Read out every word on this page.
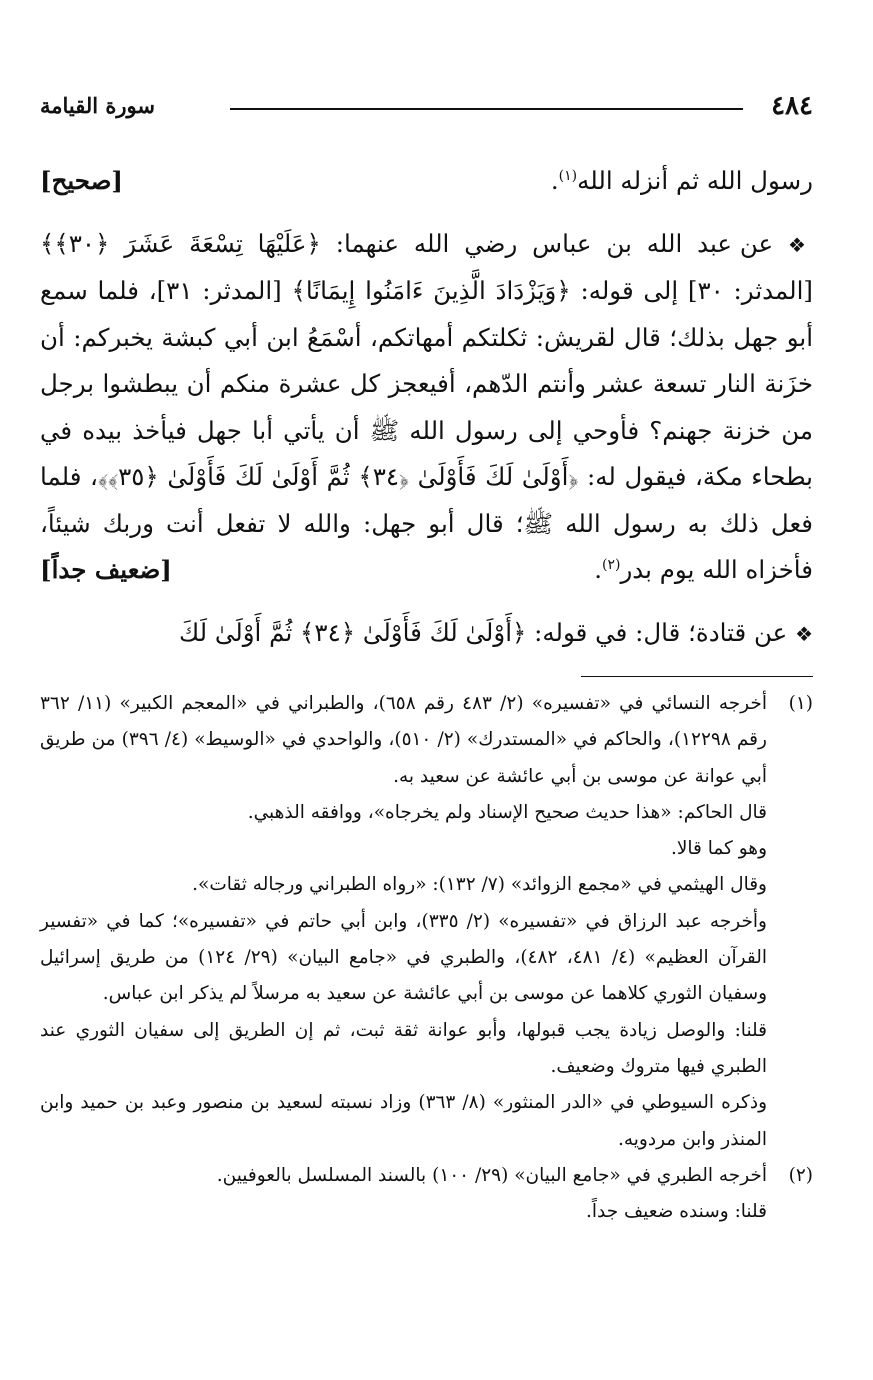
٤٨٤
سورة القيامة

[صحيح]	رسول الله ثم أنزله الله$^{(١)}$.

❖ عن عبد الله بن عباس رضي الله عنهما: ﴿عَلَيْهَا تِسْعَةَ عَشَرَ ﴿٣٠﴾﴾ [المدثر: ٣٠] إلى قوله: ﴿وَيَزْدَادَ الَّذِينَ ءَامَنُوا إِيمَانًا﴾ [المدثر: ٣١]، فلما سمع أبو جهل بذلك؛ قال لقريش: ثكلتكم أمهاتكم، أسْمَعُ ابن أبي كبشة يخبركم: أن خزَنة النار تسعة عشر وأنتم الدّهم، أفيعجز كل عشرة منكم أن يبطشوا برجل من خزنة جهنم؟ فأوحي إلى رسول الله ﷺ أن يأتي أبا جهل فيأخذ بيده في بطحاء مكة، فيقول له: ﴿أَوْلَىٰ لَكَ فَأَوْلَىٰ ﴿٣٤﴾ ثُمَّ أَوْلَىٰ لَكَ فَأَوْلَىٰ ﴿٣٥﴾﴾، فلما فعل ذلك به رسول الله ﷺ؛ قال أبو جهل: والله لا تفعل أنت وربك شيئاً، فأخزاه الله يوم بدر$^{(٢)}$.
[ضعيف جداً]

❖ عن قتادة؛ قال: في قوله: ﴿أَوْلَىٰ لَكَ فَأَوْلَىٰ ﴿٣٤﴾ ثُمَّ أَوْلَىٰ لَكَ

(١)

أخرجه النسائي في «تفسيره» (٢/ ٤٨٣ رقم ٦٥٨)، والطبراني في «المعجم الكبير» (١١/ ٣٦٢ رقم ١٢٢٩٨)، والحاكم في «المستدرك» (٢/ ٥١٠)، والواحدي في «الوسيط» (٤/ ٣٩٦) من طريق أبي عوانة عن موسى بن أبي عائشة عن سعيد به.

قال الحاكم: «هذا حديث صحيح الإسناد ولم يخرجاه»، ووافقه الذهبي.

وهو كما قالا.

وقال الهيثمي في «مجمع الزوائد» (٧/ ١٣٢): «رواه الطبراني ورجاله ثقات».

وأخرجه عبد الرزاق في «تفسيره» (٢/ ٣٣٥)، وابن أبي حاتم في «تفسيره»؛ كما في «تفسير القرآن العظيم» (٤/ ٤٨١، ٤٨٢)، والطبري في «جامع البيان» (٢٩/ ١٢٤) من طريق إسرائيل وسفيان الثوري كلاهما عن موسى بن أبي عائشة عن سعيد به مرسلاً لم يذكر ابن عباس.

قلنا: والوصل زيادة يجب قبولها، وأبو عوانة ثقة ثبت، ثم إن الطريق إلى سفيان الثوري عند الطبري فيها متروك وضعيف.

وذكره السيوطي في «الدر المنثور» (٨/ ٣٦٣) وزاد نسبته لسعيد بن منصور وعبد بن حميد وابن المنذر وابن مردويه.

(٢)

أخرجه الطبري في «جامع البيان» (٢٩/ ١٠٠) بالسند المسلسل بالعوفيين.

قلنا: وسنده ضعيف جداً.
